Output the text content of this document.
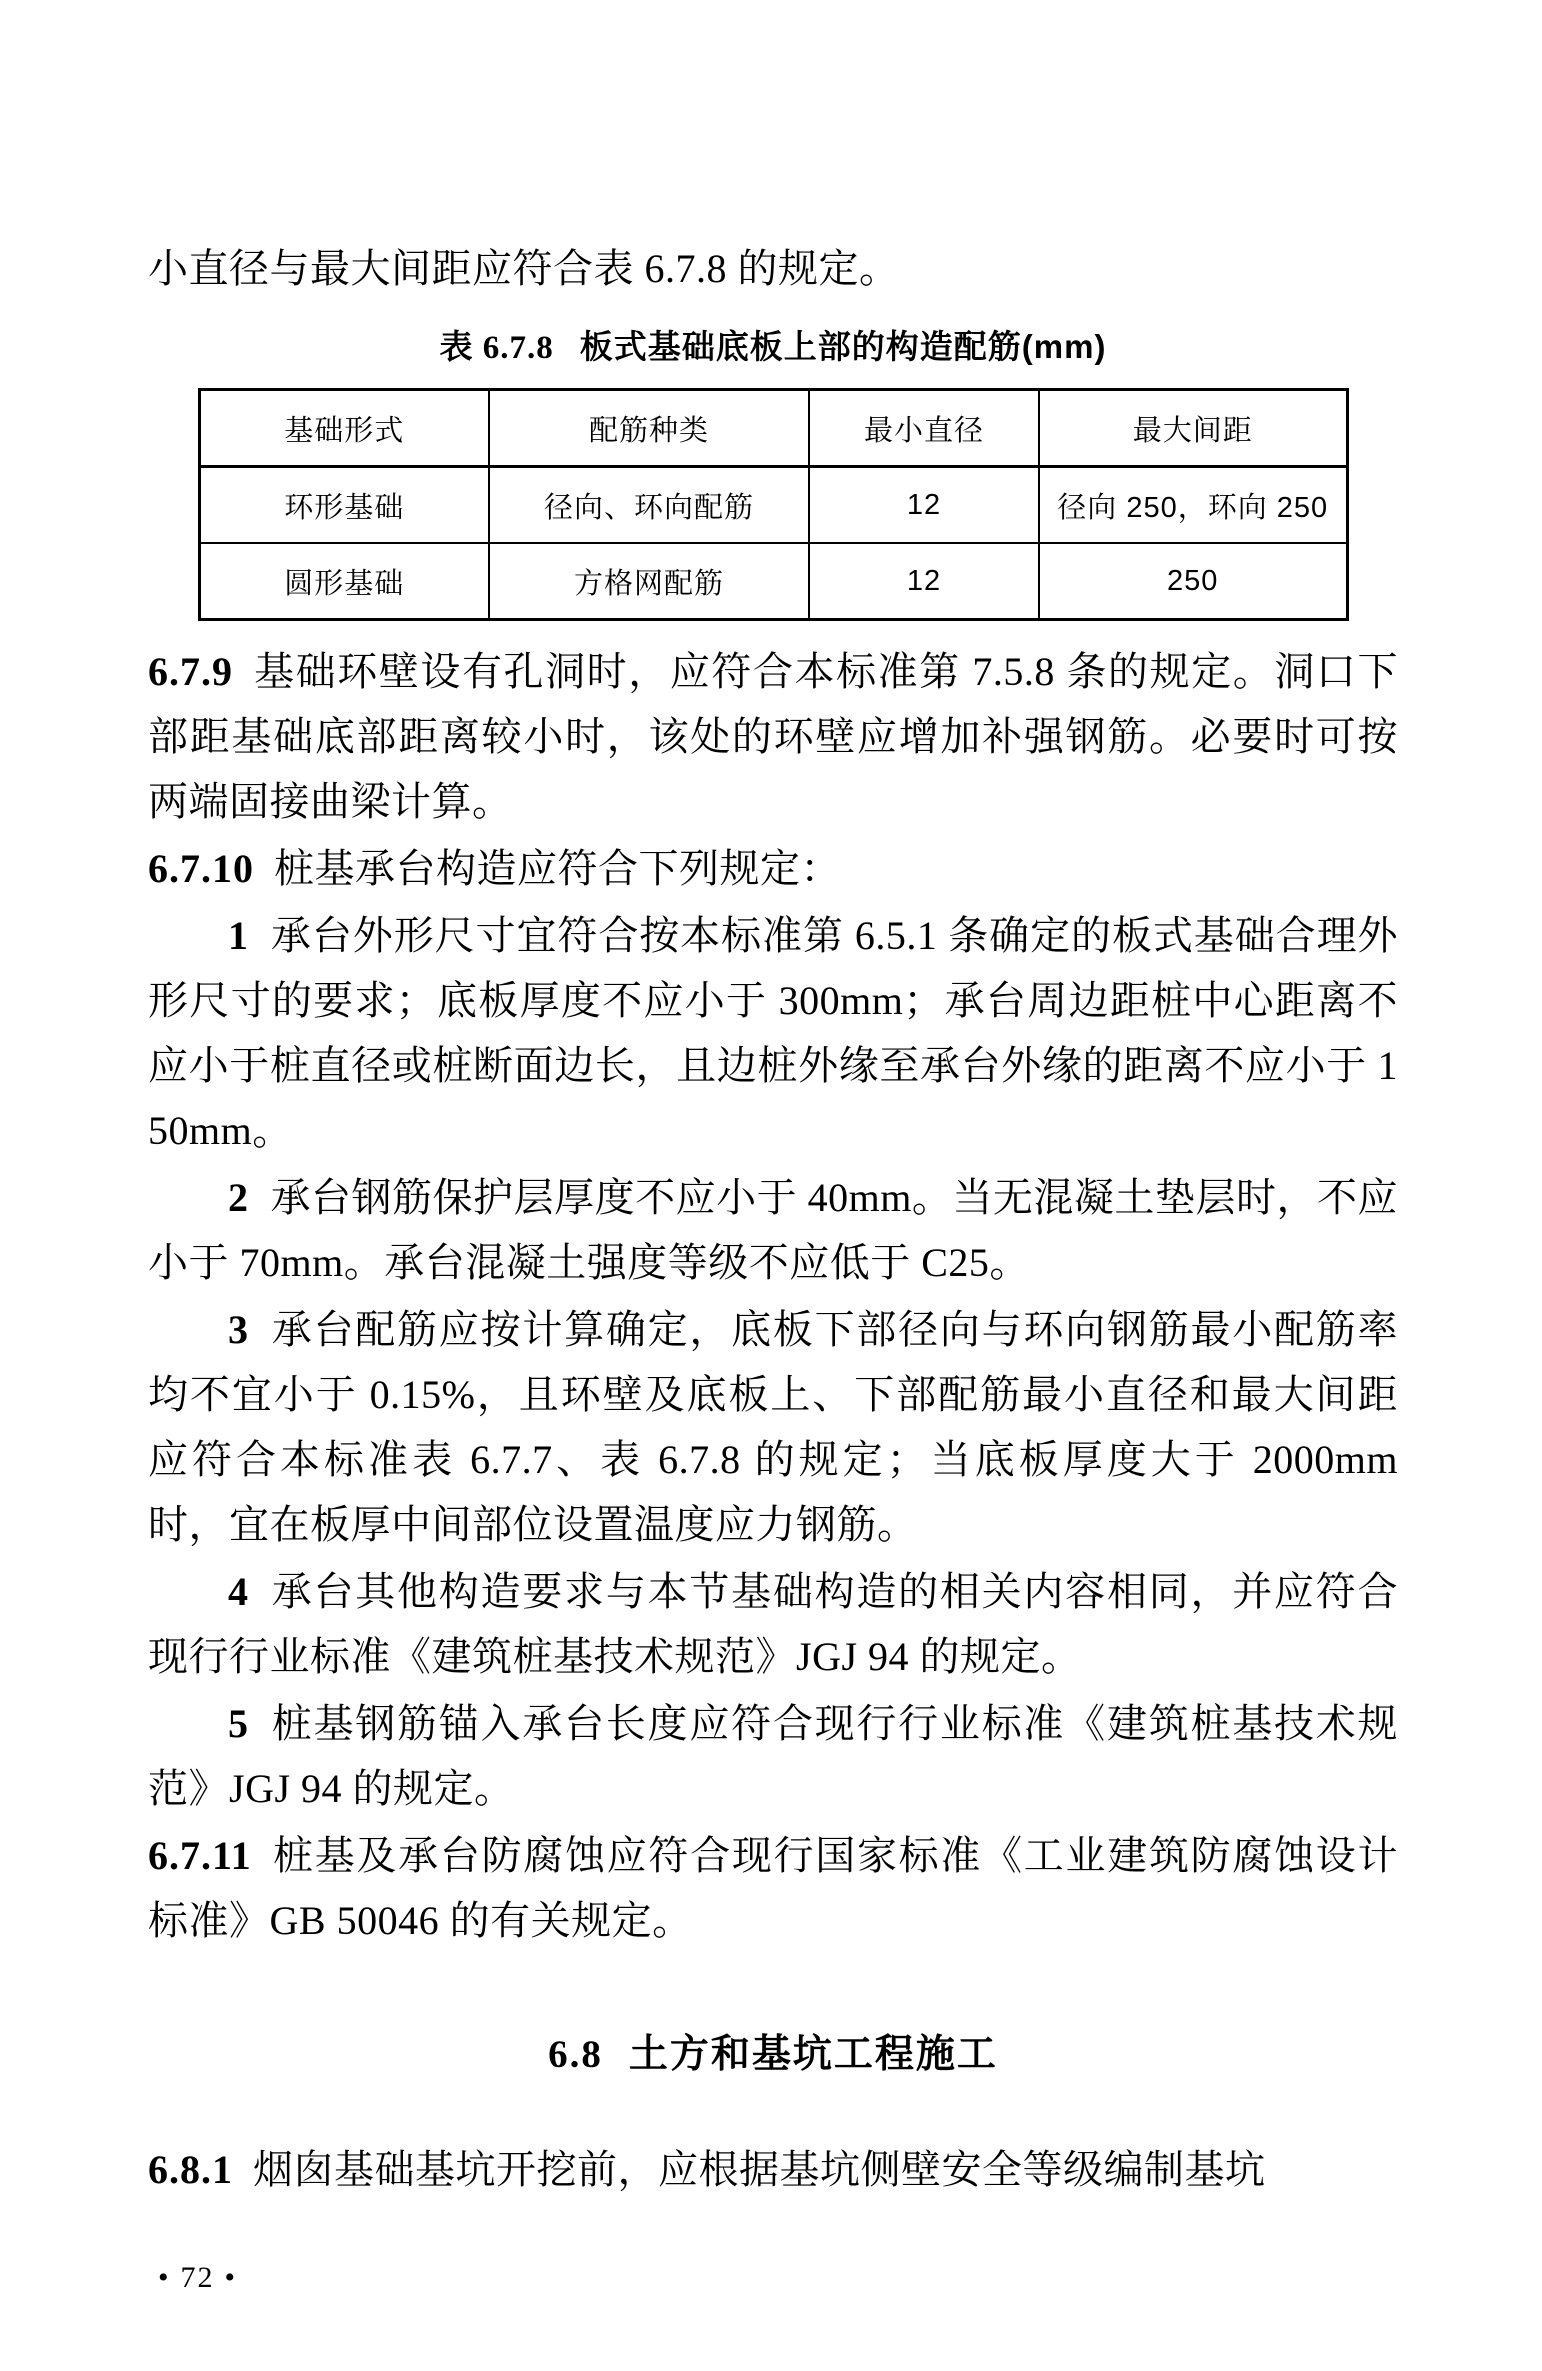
小直径与最大间距应符合表 6.7.8 的规定。

表 6.7.8 板式基础底板上部的构造配筋(mm)
基础形式	配筋种类	最小直径	最大间距
环形基础	径向、环向配筋	12	径向 250，环向 250
圆形基础	方格网配筋	12	250

6.7.9 基础环壁设有孔洞时，应符合本标准第 7.5.8 条的规定。洞口下部距基础底部距离较小时，该处的环壁应增加补强钢筋。必要时可按两端固接曲梁计算。

6.7.10 桩基承台构造应符合下列规定：

1 承台外形尺寸宜符合按本标准第 6.5.1 条确定的板式基础合理外形尺寸的要求；底板厚度不应小于 300mm；承台周边距桩中心距离不应小于桩直径或桩断面边长，且边桩外缘至承台外缘的距离不应小于 150mm。

2 承台钢筋保护层厚度不应小于 40mm。当无混凝土垫层时，不应小于 70mm。承台混凝土强度等级不应低于 C25。

3 承台配筋应按计算确定，底板下部径向与环向钢筋最小配筋率均不宜小于 0.15%，且环壁及底板上、下部配筋最小直径和最大间距应符合本标准表 6.7.7、表 6.7.8 的规定；当底板厚度大于 2000mm 时，宜在板厚中间部位设置温度应力钢筋。

4 承台其他构造要求与本节基础构造的相关内容相同，并应符合现行行业标准《建筑桩基技术规范》JGJ 94 的规定。

5 桩基钢筋锚入承台长度应符合现行行业标准《建筑桩基技术规范》JGJ 94 的规定。

6.7.11 桩基及承台防腐蚀应符合现行国家标准《工业建筑防腐蚀设计标准》GB 50046 的有关规定。

6.8 土方和基坑工程施工

6.8.1 烟囱基础基坑开挖前，应根据基坑侧壁安全等级编制基坑

• 72 •
